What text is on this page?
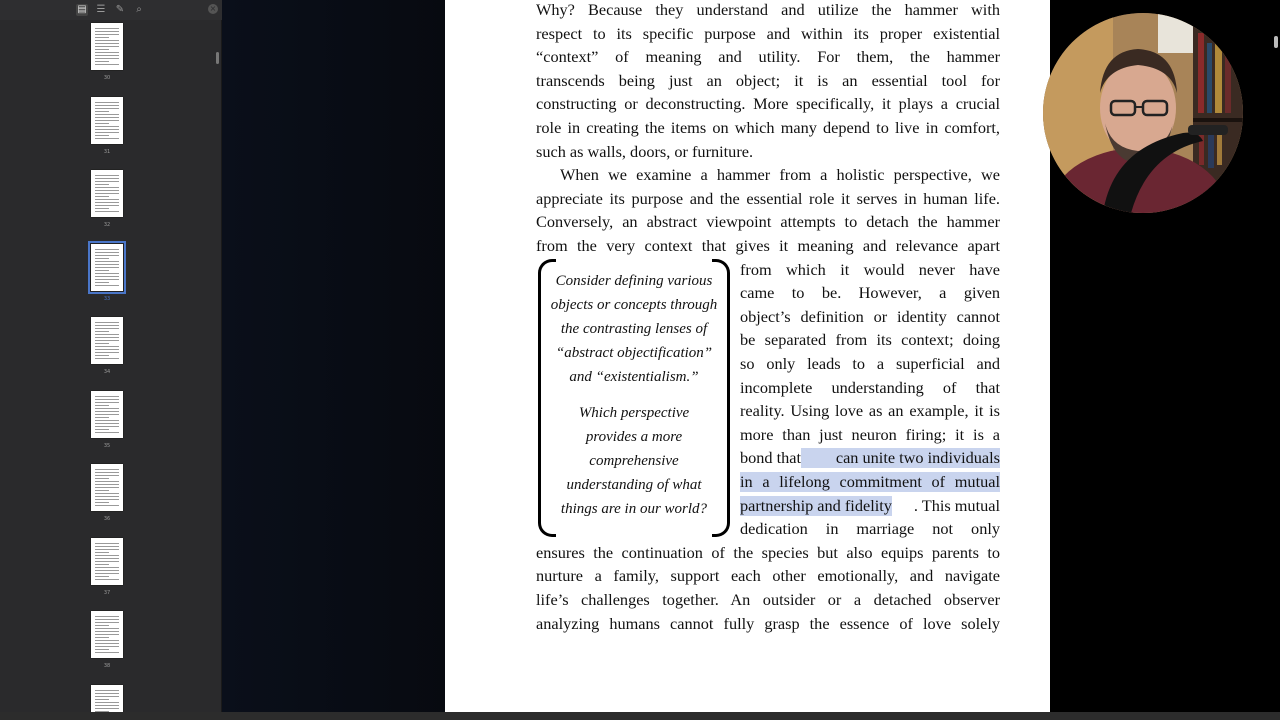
▤ ☰ ✎	⌕	×
30
31
32
33
34
35
36
37
38
Why? Because they understand and utilize the hammer with
respect to its specific purpose and within its proper existential
“context” of meaning and utility. For them, the hammer
transcends being just an object; it is an essential tool for
constructing or deconstructing. More specifically, it plays a crucial
role in creating the items on which many depend to live in comfort,
such as walls, doors, or furniture.
When we examine a hammer from a holistic perspective, we
appreciate its purpose and the essential role it serves in human life.
Conversely, an abstract viewpoint attempts to detach the hammer
from the very context that gives it meaning and relevance apart
from which it would never have
came to be. However, a given
object’s definition or identity cannot
be separated from its context; doing
so only leads to a superficial and
incomplete understanding of that
reality. Using love as an example, it is
more than just neuron firing; it is a
bond that	can unite two individuals
in a lifelong commitment of mutual
partnership and fidelity	. This mutual
dedication in marriage not only
ensures the continuation of the species but also equips parents to
nurture a family, support each other emotionally, and navigate
life’s challenges together. An outsider or a detached observer
analyzing humans cannot fully grasp the essence of love solely
Consider defining various
objects or concepts through
the contrasting lenses of
“abstract objectification”
and “existentialism.”
Which perspective
provides a more
comprehensive
understanding of what
things are in our world?
